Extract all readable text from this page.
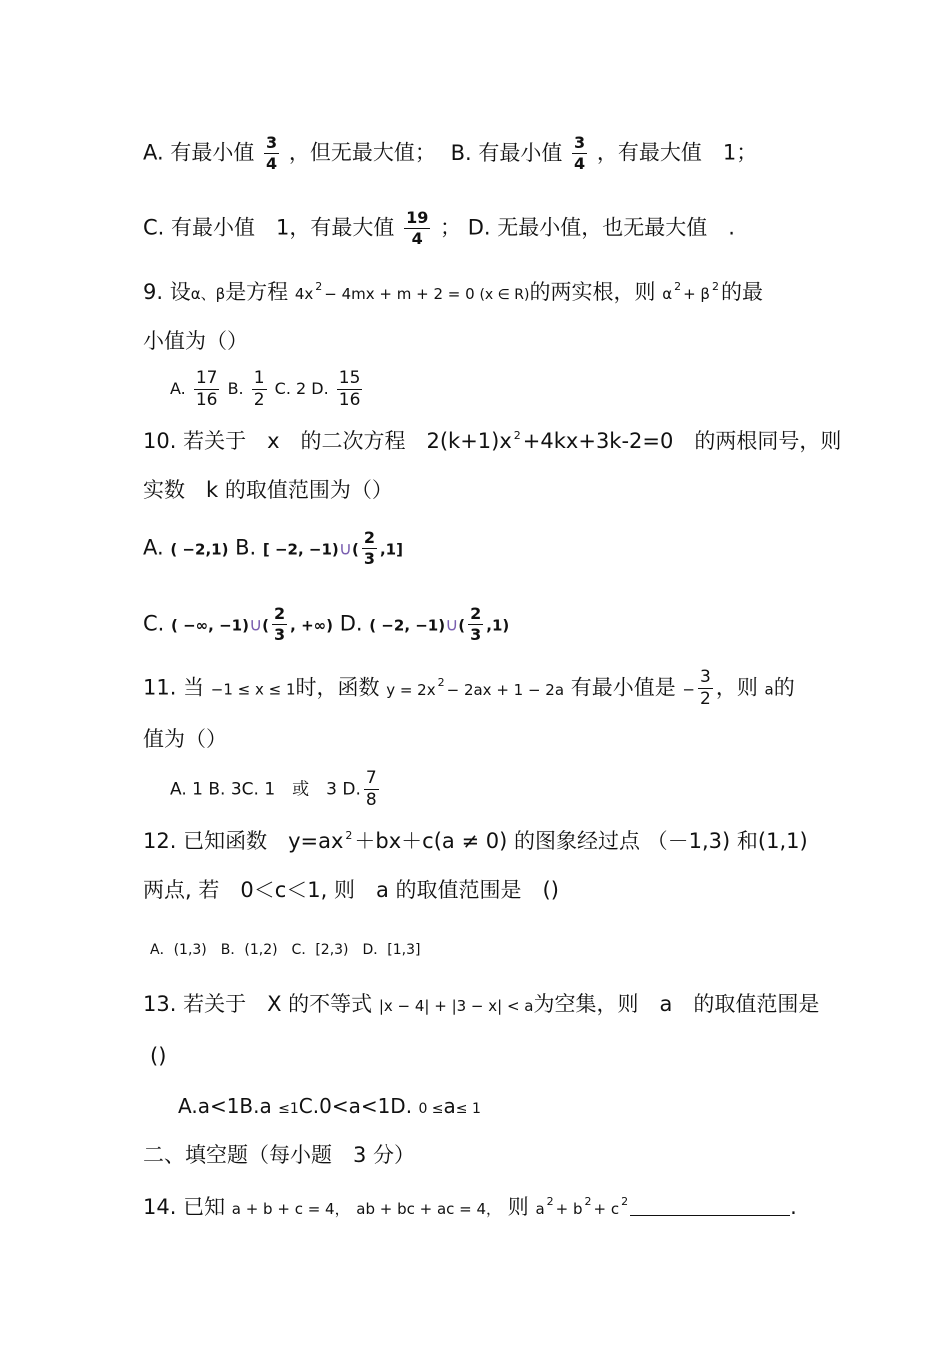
A. 有最小值 $\frac{3}{4}$ ，但无最大值； B. 有最小值 $\frac{3}{4}$ ，有最大值　1；
C. 有最小值　1，有最大值 $\frac{19}{4}$ ； D. 无最小值，也无最大值　.
9. 设α、β是方程 4x $^2$ − 4mx + m + 2 = 0 (x ∈ R)的两实根，则 α $^2$ + β $^2$的最
小值为（）
A. $\frac{17}{16} B$. $\frac{1}{2} C$. 2 D. $\frac{15}{16}$
10. 若关于　x　的二次方程　2(k+1)x $^2$+4kx+3k-2=0　的两根同号，则
实数　k 的取值范围为（）
A. ( −2,1) B. [ −2, −1)∪( $\frac{2}{3} ,1$]
C. ( −∞, −1)∪( $\frac{2}{3}$ , +∞) D. ( −2, −1)∪( $\frac{2}{3} ,1$)
11. 当 −1 ≤ x ≤ 1时，函数 y = 2x $^2$ − 2ax + 1 − 2a 有最小值是 − $\frac{3}{2}$ ，则 a的
值为（）
A. 1 B. 3C. 1　或　3 D. $\frac{7}{8}$
12. 已知函数　y=ax $^2$＋bx＋c(a ≠ 0) 的图象经过点 （－1,3) 和(1,1)
两点, 若　0＜c＜1, 则　a 的取值范围是　()
A．(1,3)　B．(1,2)　C．[2,3)　D．[1,3]
13. 若关于　X 的不等式 |x − 4| + |3 − x| < a为空集，则　a　的取值范围是
()
A.a<1B.a ≤1C.0<a<1D. 0 ≤a≤ 1
二、填空题（每小题　3 分）
14. 已知 a + b + c = 4， ab + bc + ac = 4， 则 a $^2$ + b $^2$ + c $^2$	.
